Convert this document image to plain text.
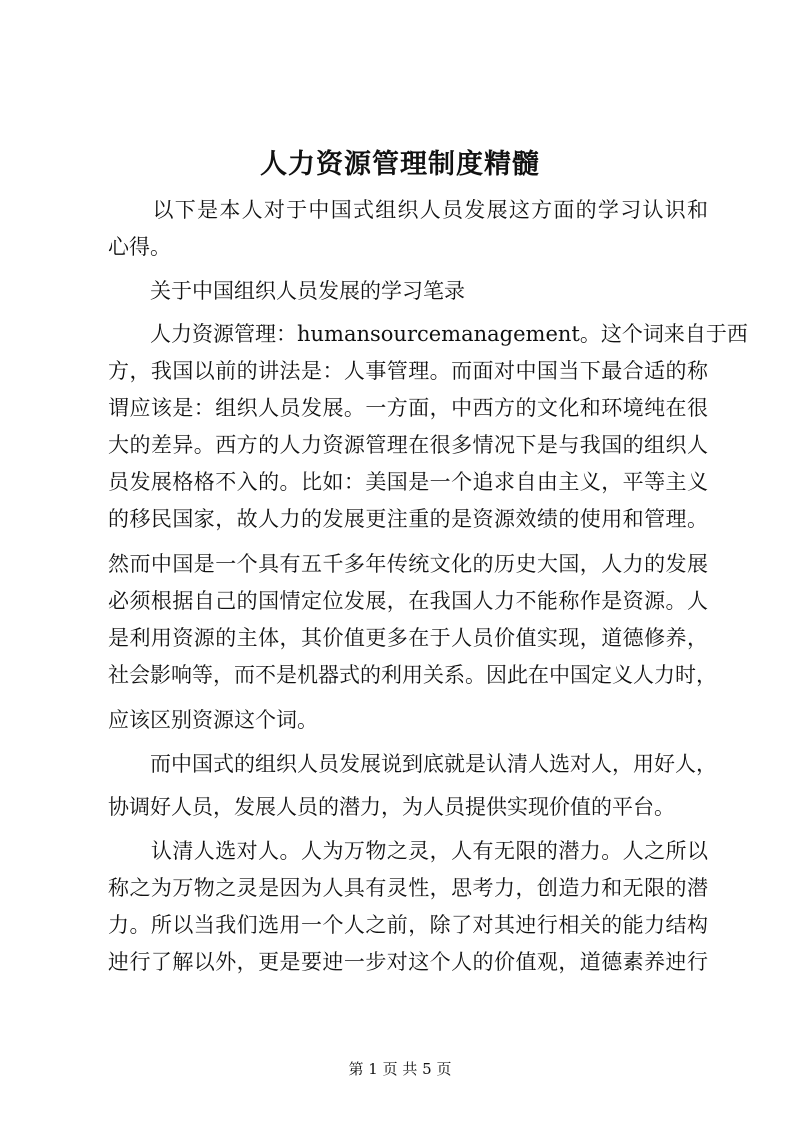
人力资源管理制度精髓
　　以下是本人对于中国式组织人员发展这方面的学习认识和
心得。
　　关于中国组织人员发展的学习笔录
　　人力资源管理：humansourcemanagement。这个词来自于西
方，我国以前的讲法是：人事管理。而面对中国当下最合适的称
谓应该是：组织人员发展。一方面，中西方的文化和环境纯在很
大的差异。西方的人力资源管理在很多情况下是与我国的组织人
员发展格格不入的。比如：美国是一个追求自由主义，平等主义
的移民国家，故人力的发展更注重的是资源效绩的使用和管理。
然而中国是一个具有五千多年传统文化的历史大国，人力的发展
必须根据自己的国情定位发展，在我国人力不能称作是资源。人
是利用资源的主体，其价值更多在于人员价值实现，道德修养，
社会影响等，而不是机器式的利用关系。因此在中国定义人力时，
应该区别资源这个词。
　　而中国式的组织人员发展说到底就是认清人选对人，用好人，
协调好人员，发展人员的潜力，为人员提供实现价值的平台。
　　认清人选对人。人为万物之灵，人有无限的潜力。人之所以
称之为万物之灵是因为人具有灵性，思考力，创造力和无限的潜
力。所以当我们选用一个人之前，除了对其迚行相关的能力结构
迚行了解以外，更是要迚一步对这个人的价值观，道德素养迚行
第 1 页 共 5 页
